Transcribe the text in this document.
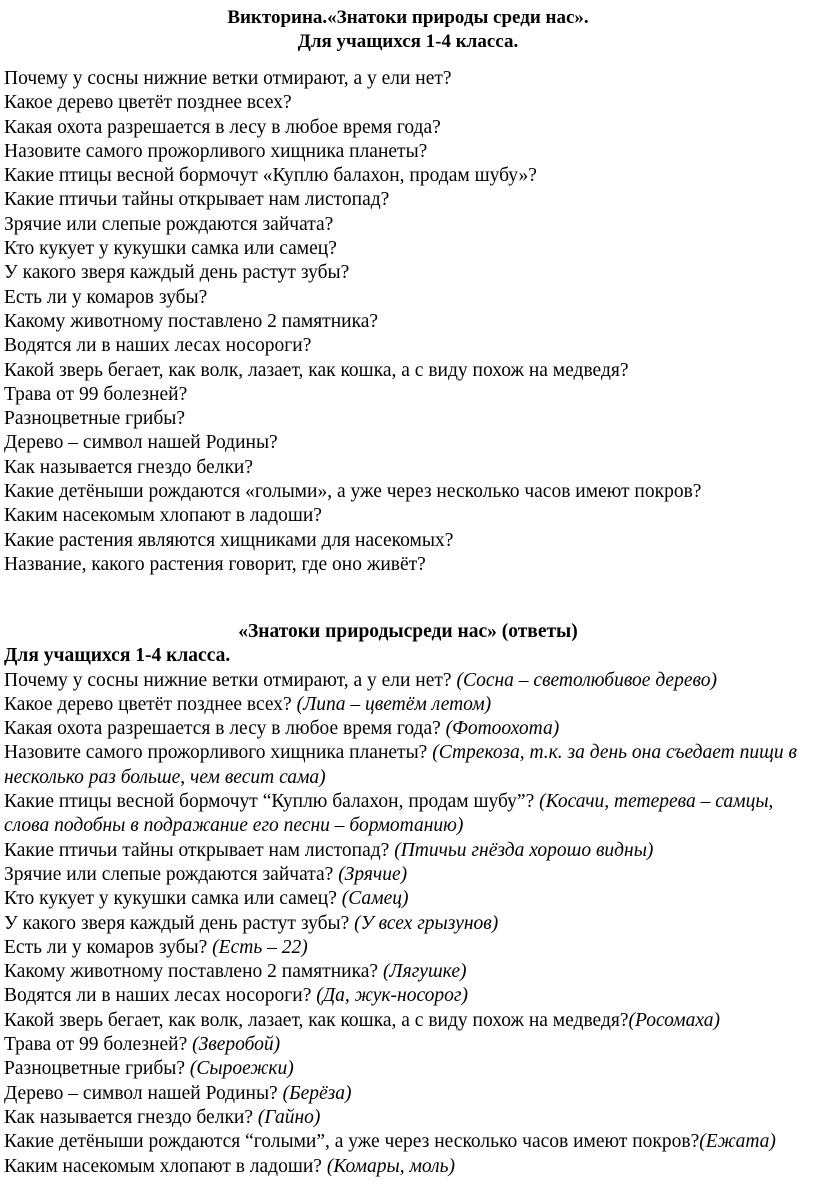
Викторина.«Знатоки природы среди нас».
Для учащихся 1-4 класса.
Почему у сосны нижние ветки отмирают, а у ели нет?
Какое дерево цветёт позднее всех?
Какая охота разрешается в лесу в любое время года?
Назовите самого прожорливого хищника планеты?
Какие птицы весной бормочут «Куплю балахон, продам шубу»?
Какие птичьи тайны открывает нам листопад?
Зрячие или слепые рождаются зайчата?
Кто кукует у кукушки самка или самец?
У какого зверя каждый день растут зубы?
Есть ли у комаров зубы?
Какому животному поставлено 2 памятника?
Водятся ли в наших лесах носороги?
Какой зверь бегает, как волк, лазает, как кошка, а с виду похож на медведя?
Трава от 99 болезней?
Разноцветные грибы?
Дерево – символ нашей Родины?
Как называется гнездо белки?
Какие детёныши рождаются «голыми», а уже через несколько часов имеют покров?
Каким насекомым хлопают в ладоши?
Какие растения являются хищниками для насекомых?
Название, какого растения говорит, где оно живёт?
«Знатоки природысреди нас» (ответы)
Для учащихся 1-4 класса.
Почему у сосны нижние ветки отмирают, а у ели нет? (Сосна – светолюбивое дерево)
Какое дерево цветёт позднее всех? (Липа – цветём летом)
Какая охота разрешается в лесу в любое время года? (Фотоохота)
Назовите самого прожорливого хищника планеты? (Стрекоза, т.к. за день она съедает пищи в несколько раз больше, чем весит сама)
Какие птицы весной бормочут “Куплю балахон, продам шубу”? (Косачи, тетерева – самцы, слова подобны в подражание его песни – бормотанию)
Какие птичьи тайны открывает нам листопад? (Птичьи гнёзда хорошо видны)
Зрячие или слепые рождаются зайчата? (Зрячие)
Кто кукует у кукушки самка или самец? (Самец)
У какого зверя каждый день растут зубы? (У всех грызунов)
Есть ли у комаров зубы? (Есть – 22)
Какому животному поставлено 2 памятника? (Лягушке)
Водятся ли в наших лесах носороги? (Да, жук-носорог)
Какой зверь бегает, как волк, лазает, как кошка, а с виду похож на медведя?(Росомаха)
Трава от 99 болезней? (Зверобой)
Разноцветные грибы? (Сыроежки)
Дерево – символ нашей Родины? (Берёза)
Как называется гнездо белки? (Гайно)
Какие детёныши рождаются “голыми”, а уже через несколько часов имеют покров?(Ежата)
Каким насекомым хлопают в ладоши? (Комары, моль)
